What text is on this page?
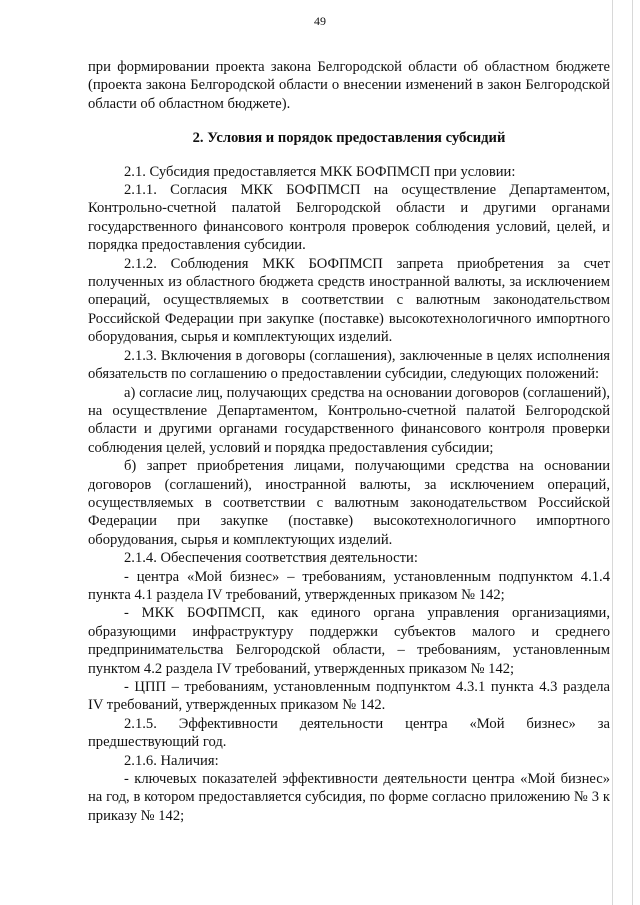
49

при формировании проекта закона Белгородской области об областном бюджете (проекта закона Белгородской области о внесении изменений в закон Белгородской области об областном бюджете).

2. Условия и порядок предоставления субсидий

2.1. Субсидия предоставляется МКК БОФПМСП при условии:

2.1.1. Согласия МКК БОФПМСП на осуществление Департаментом, Контрольно-счетной палатой Белгородской области и другими органами государственного финансового контроля проверок соблюдения условий, целей, и порядка предоставления субсидии.

2.1.2. Соблюдения МКК БОФПМСП запрета приобретения за счет полученных из областного бюджета средств иностранной валюты, за исключением операций, осуществляемых в соответствии с валютным законодательством Российской Федерации при закупке (поставке) высокотехнологичного импортного оборудования, сырья и комплектующих изделий.

2.1.3. Включения в договоры (соглашения), заключенные в целях исполнения обязательств по соглашению о предоставлении субсидии, следующих положений:

а) согласие лиц, получающих средства на основании договоров (соглашений), на осуществление Департаментом, Контрольно-счетной палатой Белгородской области и другими органами государственного финансового контроля проверки соблюдения целей, условий и порядка предоставления субсидии;

б) запрет приобретения лицами, получающими средства на основании договоров (соглашений), иностранной валюты, за исключением операций, осуществляемых в соответствии с валютным законодательством Российской Федерации при закупке (поставке) высокотехнологичного импортного оборудования, сырья и комплектующих изделий.

2.1.4. Обеспечения соответствия деятельности:

- центра «Мой бизнес» – требованиям, установленным подпунктом 4.1.4 пункта 4.1 раздела IV требований, утвержденных приказом № 142;

- МКК БОФПМСП, как единого органа управления организациями, образующими инфраструктуру поддержки субъектов малого и среднего предпринимательства Белгородской области, – требованиям, установленным пунктом 4.2 раздела IV требований, утвержденных приказом № 142;

- ЦПП – требованиям, установленным подпунктом 4.3.1 пункта 4.3 раздела IV требований, утвержденных приказом № 142.

2.1.5. Эффективности деятельности центра «Мой бизнес» за предшествующий год.

2.1.6. Наличия:

- ключевых показателей эффективности деятельности центра «Мой бизнес» на год, в котором предоставляется субсидия, по форме согласно приложению № 3 к приказу № 142;
